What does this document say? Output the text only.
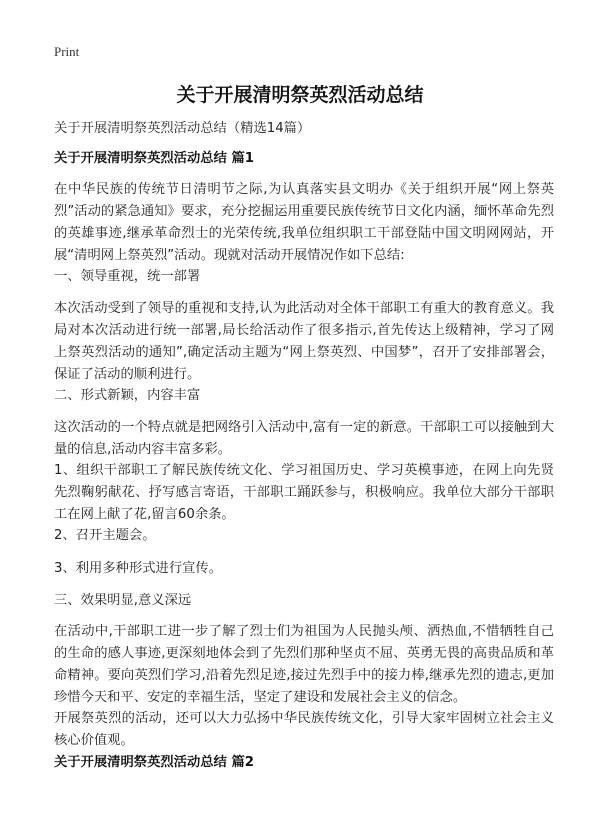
Print
关于开展清明祭英烈活动总结
关于开展清明祭英烈活动总结（精选14篇）
关于开展清明祭英烈活动总结 篇1
在中华民族的传统节日清明节之际,为认真落实县文明办《关于组织开展“网上祭英烈”活动的紧急通知》要求，充分挖掘运用重要民族传统节日文化内涵，缅怀革命先烈的英雄事迹,继承革命烈士的光荣传统,我单位组织职工干部登陆中国文明网网站，开展“清明网上祭英烈”活动。现就对活动开展情况作如下总结:
一、领导重视，统一部署
本次活动受到了领导的重视和支持,认为此活动对全体干部职工有重大的教育意义。我局对本次活动进行统一部署,局长给活动作了很多指示,首先传达上级精神，学习了网上祭英烈活动的通知”,确定活动主题为“网上祭英烈、中国梦”，召开了安排部署会，保证了活动的顺利进行。
二、形式新颖，内容丰富
这次活动的一个特点就是把网络引入活动中,富有一定的新意。干部职工可以接触到大量的信息,活动内容丰富多彩。
1、组织干部职工了解民族传统文化、学习祖国历史、学习英模事迹，在网上向先贤先烈鞠躬献花、抒写感言寄语，干部职工踊跃参与，积极响应。我单位大部分干部职工在网上献了花,留言60余条。
2、召开主题会。
3、利用多种形式进行宣传。
三、效果明显,意义深远
在活动中,干部职工进一步了解了烈士们为祖国为人民抛头颅、洒热血,不惜牺牲自己的生命的感人事迹,更深刻地体会到了先烈们那种坚贞不屈、英勇无畏的高贵品质和革命精神。要向英烈们学习,沿着先烈足迹,接过先烈手中的接力棒,继承先烈的遗志,更加珍惜今天和平、安定的幸福生活，坚定了建设和发展社会主义的信念。
开展祭英烈的活动，还可以大力弘扬中华民族传统文化，引导大家牢固树立社会主义核心价值观。
关于开展清明祭英烈活动总结 篇2
